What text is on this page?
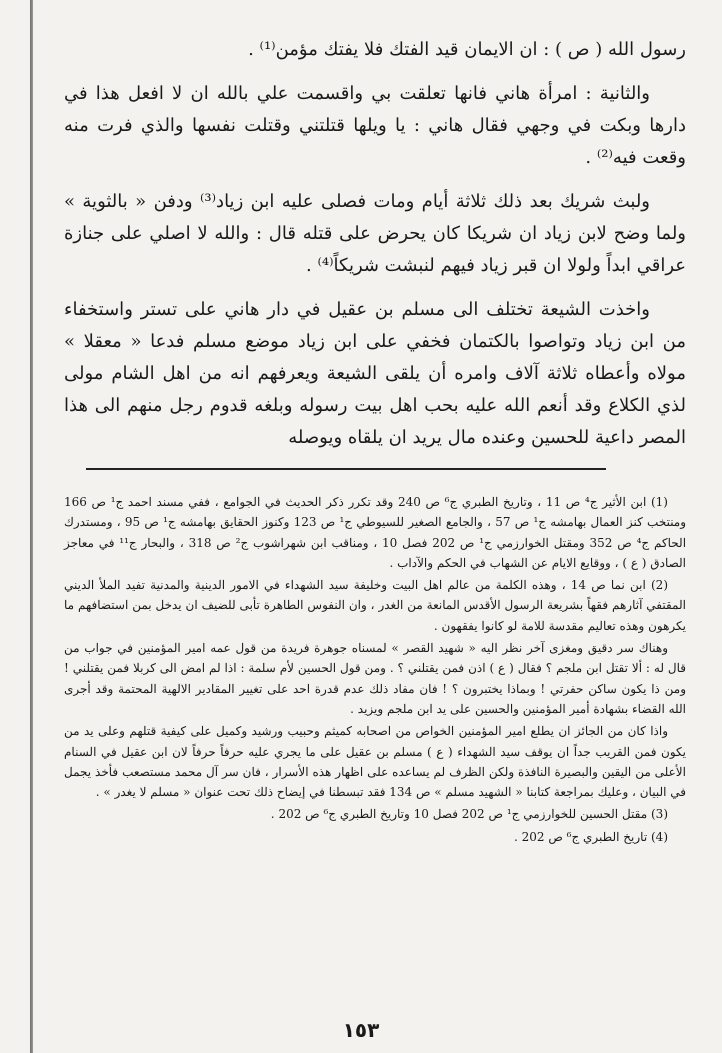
رسول الله ( ص ) : ان الايمان قيد الفتك فلا يفتك مؤمن⁽¹⁾ .

والثانية : امرأة هاني فانها تعلقت بي واقسمت علي بالله ان لا افعل هذا في دارها وبكت في وجهي فقال هاني : يا ويلها قتلتني وقتلت نفسها والذي فرت منه وقعت فيه⁽²⁾ .

ولبث شريك بعد ذلك ثلاثة أيام ومات فصلى عليه ابن زياد⁽³⁾ ودفن « بالثوية » ولما وضح لابن زياد ان شريكا كان يحرض على قتله قال : والله لا اصلي على جنازة عراقي ابداً ولولا ان قبر زياد فيهم لنبشت شريكاً⁽⁴⁾ .

واخذت الشيعة تختلف الى مسلم بن عقيل في دار هاني على تستر واستخفاء من ابن زياد وتواصوا بالكتمان فخفي على ابن زياد موضع مسلم فدعا « معقلا » مولاه وأعطاه ثلاثة آلاف وامره أن يلقى الشيعة ويعرفهم انه من اهل الشام مولى لذي الكلاع وقد أنعم الله عليه بحب اهل بيت رسوله وبلغه قدوم رجل منهم الى هذا المصر داعية للحسين وعنده مال يريد ان يلقاه ويوصله

(1) ابن الأثير ج⁴ ص 11 ، وتاريخ الطبري ج⁶ ص 240 وقد تكرر ذكر الحديث في الجوامع ، ففي مسند احمد ج¹ ص 166 ومنتخب كنز العمال بهامشه ج¹ ص 57 ، والجامع الصغير للسيوطي ج¹ ص 123 وكنوز الحقايق بهامشه ج¹ ص 95 ، ومستدرك الحاكم ج⁴ ص 352 ومقتل الخوارزمي ج¹ ص 202 فصل 10 ، ومناقب ابن شهراشوب ج² ص 318 ، والبحار ج¹¹ في معاجز الصادق ( ع ) ، ووقايع الايام عن الشهاب في الحكم والآداب .

(2) ابن نما ص 14 ، وهذه الكلمة من عالم اهل البيت وخليفة سيد الشهداء في الامور الدينية والمدنية تفيد الملأ الديني المقتفي آثارهم فقهاً بشريعة الرسول الأقدس المانعة من الغدر ، وان النفوس الطاهرة تأبى للضيف ان يدخل بمن استضافهم ما يكرهون وهذه تعاليم مقدسة للامة لو كانوا يفقهون .

وهناك سر دقيق ومغزى آخر نظر اليه « شهيد القصر » لمسناه جوهرة فريدة من قول عمه امير المؤمنين في جواب من قال له : ألا تقتل ابن ملجم ؟ فقال ( ع ) اذن فمن يقتلني ؟ . ومن قول الحسين لأم سلمة : اذا لم امض الى كربلا فمن يقتلني ! ومن ذا يكون ساكن حفرتي ! وبماذا يختبرون ؟ ! فان مفاد ذلك عدم قدرة احد على تغيير المقادير الالهية المحتمة وقد أجرى الله القضاء بشهادة أمير المؤمنين والحسين على يد ابن ملجم ويزيد .

واذا كان من الجائز ان يطلع امير المؤمنين الخواص من اصحابه كميثم وحبيب ورشيد وكميل على كيفية قتلهم وعلى يد من يكون فمن القريب جداً ان يوقف سيد الشهداء ( ع ) مسلم بن عقيل على ما يجري عليه حرفاً حرفاً لان ابن عقيل في السنام الأعلى من اليقين والبصيرة النافذة ولكن الظرف لم يساعده على اظهار هذه الأسرار ، فان سر آل محمد مستصعب فأخذ يجمل في البيان ، وعليك بمراجعة كتابنا « الشهيد مسلم » ص 134 فقد تبسطنا في إيضاح ذلك تحت عنوان « مسلم لا يغدر » .

(3) مقتل الحسين للخوارزمي ج¹ ص 202 فصل 10 وتاريخ الطبري ج⁶ ص 202 .

(4) تاريخ الطبري ج⁶ ص 202 .

١٥٣
